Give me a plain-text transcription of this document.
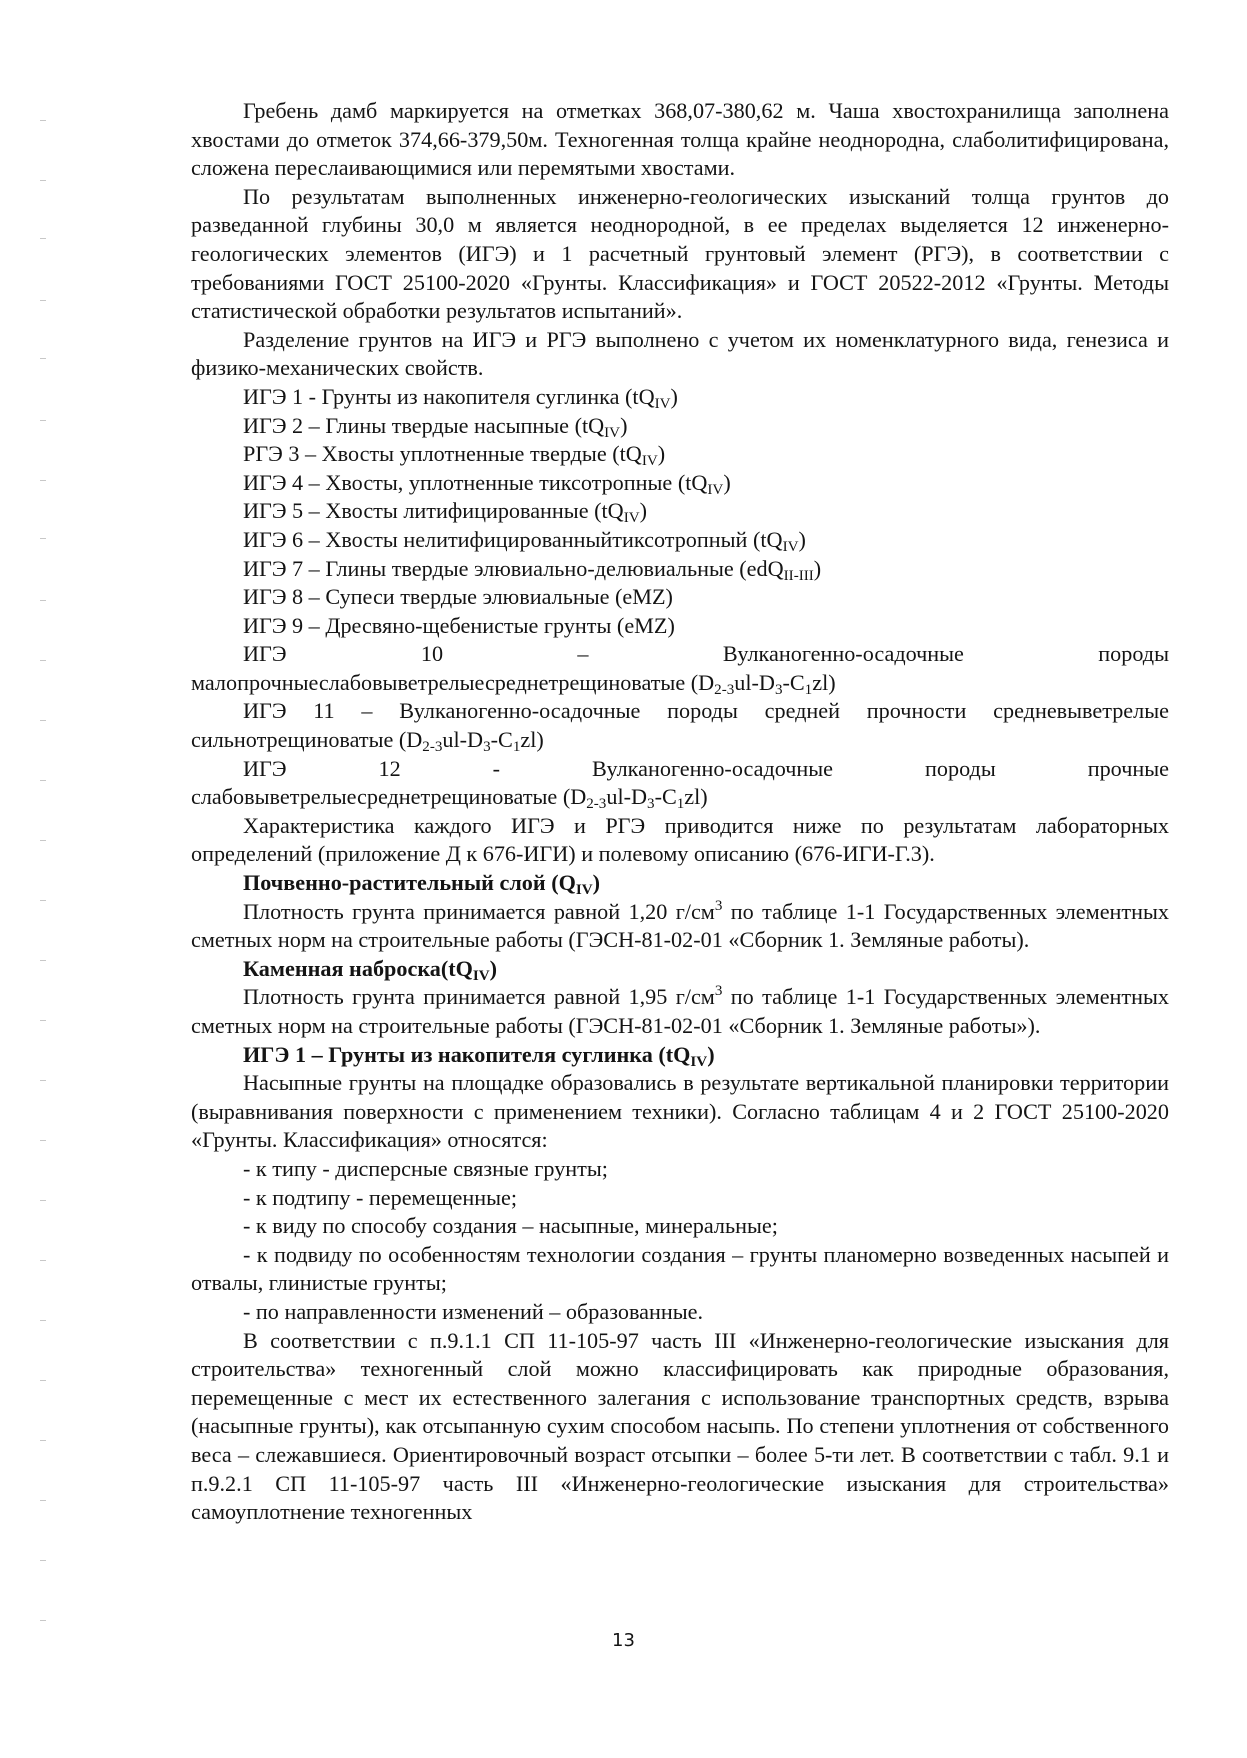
Гребень дамб маркируется на отметках 368,07-380,62 м. Чаша хвостохранилища заполнена хвостами до отметок 374,66-379,50м. Техногенная толща крайне неоднородна, слаболитифицирована, сложена переслаивающимися или перемятыми хвостами.

По результатам выполненных инженерно-геологических изысканий толща грунтов до разведанной глубины 30,0 м является неоднородной, в ее пределах выделяется 12 инженерно-геологических элементов (ИГЭ) и 1 расчетный грунтовый элемент (РГЭ), в соответствии с требованиями ГОСТ 25100-2020 «Грунты. Классификация» и ГОСТ 20522-2012 «Грунты. Методы статистической обработки результатов испытаний».

Разделение грунтов на ИГЭ и РГЭ выполнено с учетом их номенклатурного вида, генезиса и физико-механических свойств.

ИГЭ 1 - Грунты из накопителя суглинка $(tQ_{IV})$

ИГЭ 2 – Глины твердые насыпные $(tQ_{IV})$

РГЭ 3 – Хвосты уплотненные твердые $(tQ_{IV})$

ИГЭ 4 – Хвосты, уплотненные тиксотропные $(tQ_{IV})$

ИГЭ 5 – Хвосты литифицированные $(tQ_{IV})$

ИГЭ 6 – Хвосты нелитифицированныйтиксотропный $(tQ_{IV})$

ИГЭ 7 – Глины твердые элювиально-делювиальные (edQ$_{II-III}$)

ИГЭ 8 – Супеси твердые элювиальные (eMZ)

ИГЭ 9 – Дресвяно-щебенистые грунты (eMZ)

ИГЭ	10	–	Вулканогенно-осадочные	породы

малопрочныеслабовыветрелыесреднетрещиноватые $(D_{2-3}ul-D_3-C_1zl)$

ИГЭ 11 – Вулканогенно-осадочные породы средней прочности средневыветрелые сильнотрещиноватые $(D_{2-3}ul-D_3-C_1zl)$

ИГЭ	12	-	Вулканогенно-осадочные	породы	прочные

слабовыветрелыесреднетрещиноватые $(D_{2-3}ul-D_3-C_1zl)$

Характеристика каждого ИГЭ и РГЭ приводится ниже по результатам лабораторных определений (приложение Д к 676-ИГИ) и полевому описанию (676-ИГИ-Г.3).

Почвенно-растительный слой $(Q_{IV})$

Плотность грунта принимается равной 1,20 $г/см^3$ по таблице 1-1 Государственных элементных сметных норм на строительные работы (ГЭСН-81-02-01 «Сборник 1. Земляные работы).

Каменная $наброска(tQ_{IV})$

Плотность грунта принимается равной 1,95 $г/см^3$ по таблице 1-1 Государственных элементных сметных норм на строительные работы (ГЭСН-81-02-01 «Сборник 1. Земляные работы»).

ИГЭ 1 – Грунты из накопителя суглинка $(tQ_{IV})$

Насыпные грунты на площадке образовались в результате вертикальной планировки территории (выравнивания поверхности с применением техники). Согласно таблицам 4 и 2 ГОСТ 25100-2020 «Грунты. Классификация» относятся:

- к типу - дисперсные связные грунты;

- к подтипу - перемещенные;

- к виду по способу создания – насыпные, минеральные;

- к подвиду по особенностям технологии создания – грунты планомерно возведенных насыпей и отвалы, глинистые грунты;

- по направленности изменений – образованные.

В соответствии с п.9.1.1 СП 11-105-97 часть III «Инженерно-геологические изыскания для строительства» техногенный слой можно классифицировать как природные образования, перемещенные с мест их естественного залегания с использование транспортных средств, взрыва (насыпные грунты), как отсыпанную сухим способом насыпь. По степени уплотнения от собственного веса – слежавшиеся. Ориентировочный возраст отсыпки – более 5-ти лет. В соответствии с табл. 9.1 и п.9.2.1 СП 11-105-97 часть III «Инженерно-геологические изыскания для строительства» самоуплотнение техногенных

13
